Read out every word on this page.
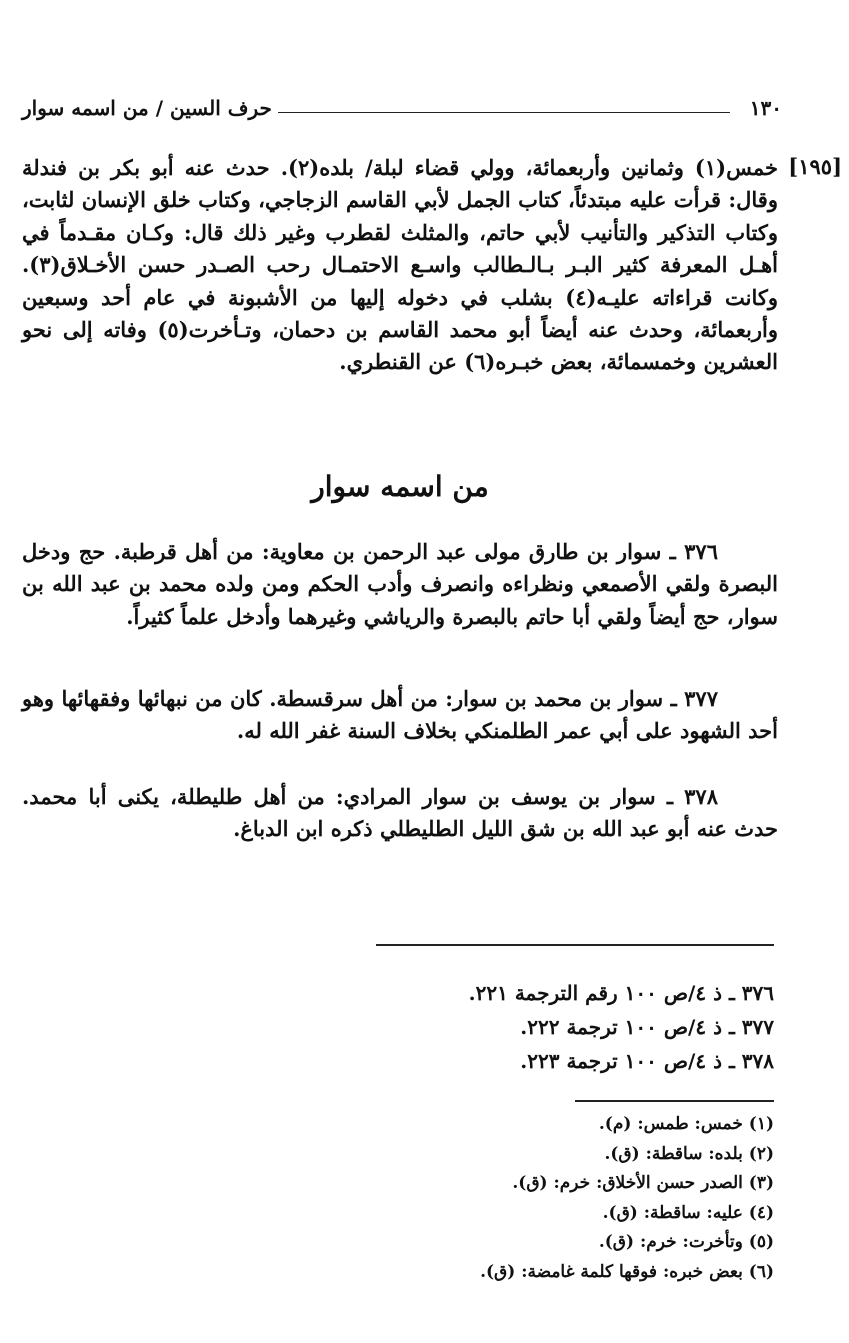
١٣٠
حرف السين / من اسمه سوار
[١٩٥]

خمس(١) وثمانين وأربعمائة، وولي قضاء لبلة/ بلده(٢). حدث عنه أبو بكر بن فندلة وقال: قرأت عليه مبتدئاً، كتاب الجمل لأبي القاسم الزجاجي، وكتاب خلق الإنسان لثابت، وكتاب التذكير والتأنيب لأبي حاتم، والمثلث لقطرب وغير ذلك قال: وكـان مقـدماً في أهـل المعرفة كثير البـر بـالـطالب واسـع الاحتمـال رحب الصـدر حسن الأخـلاق(٣). وكانت قراءاته عليـه(٤) بشلب في دخوله إليها من الأشبونة في عام أحد وسبعين وأربعمائة، وحدث عنه أيضاً أبو محمد القاسم بن دحمان، وتـأخرت(٥) وفاته إلى نحو العشرين وخمسمائة، بعض خبـره(٦) عن القنطري.

من اسمه سوار

٣٧٦ ـ سوار بن طارق مولى عبد الرحمن بن معاوية: من أهل قرطبة. حج ودخل البصرة ولقي الأصمعي ونظراءه وانصرف وأدب الحكم ومن ولده محمد بن عبد الله بن سوار، حج أيضاً ولقي أبا حاتم بالبصرة والرياشي وغيرهما وأدخل علماً كثيراً.

٣٧٧ ـ سوار بن محمد بن سوار: من أهل سرقسطة. كان من نبهائها وفقهائها وهو أحد الشهود على أبي عمر الطلمنكي بخلاف السنة غفر الله له.

٣٧٨ ـ سوار بن يوسف بن سوار المرادي: من أهل طليطلة، يكنى أبا محمد. حدث عنه أبو عبد الله بن شق الليل الطليطلي ذكره ابن الدباغ.

٣٧٦ ـ ذ ٤/ص ١٠٠ رقم الترجمة ٢٢١.
٣٧٧ ـ ذ ٤/ص ١٠٠ ترجمة ٢٢٢.
٣٧٨ ـ ذ ٤/ص ١٠٠ ترجمة ٢٢٣.
(١) خمس: طمس: (م).
(٢) بلده: ساقطة: (ق).
(٣) الصدر حسن الأخلاق: خرم: (ق).
(٤) عليه: ساقطة: (ق).
(٥) وتأخرت: خرم: (ق).
(٦) بعض خبره: فوقها كلمة غامضة: (ق).
